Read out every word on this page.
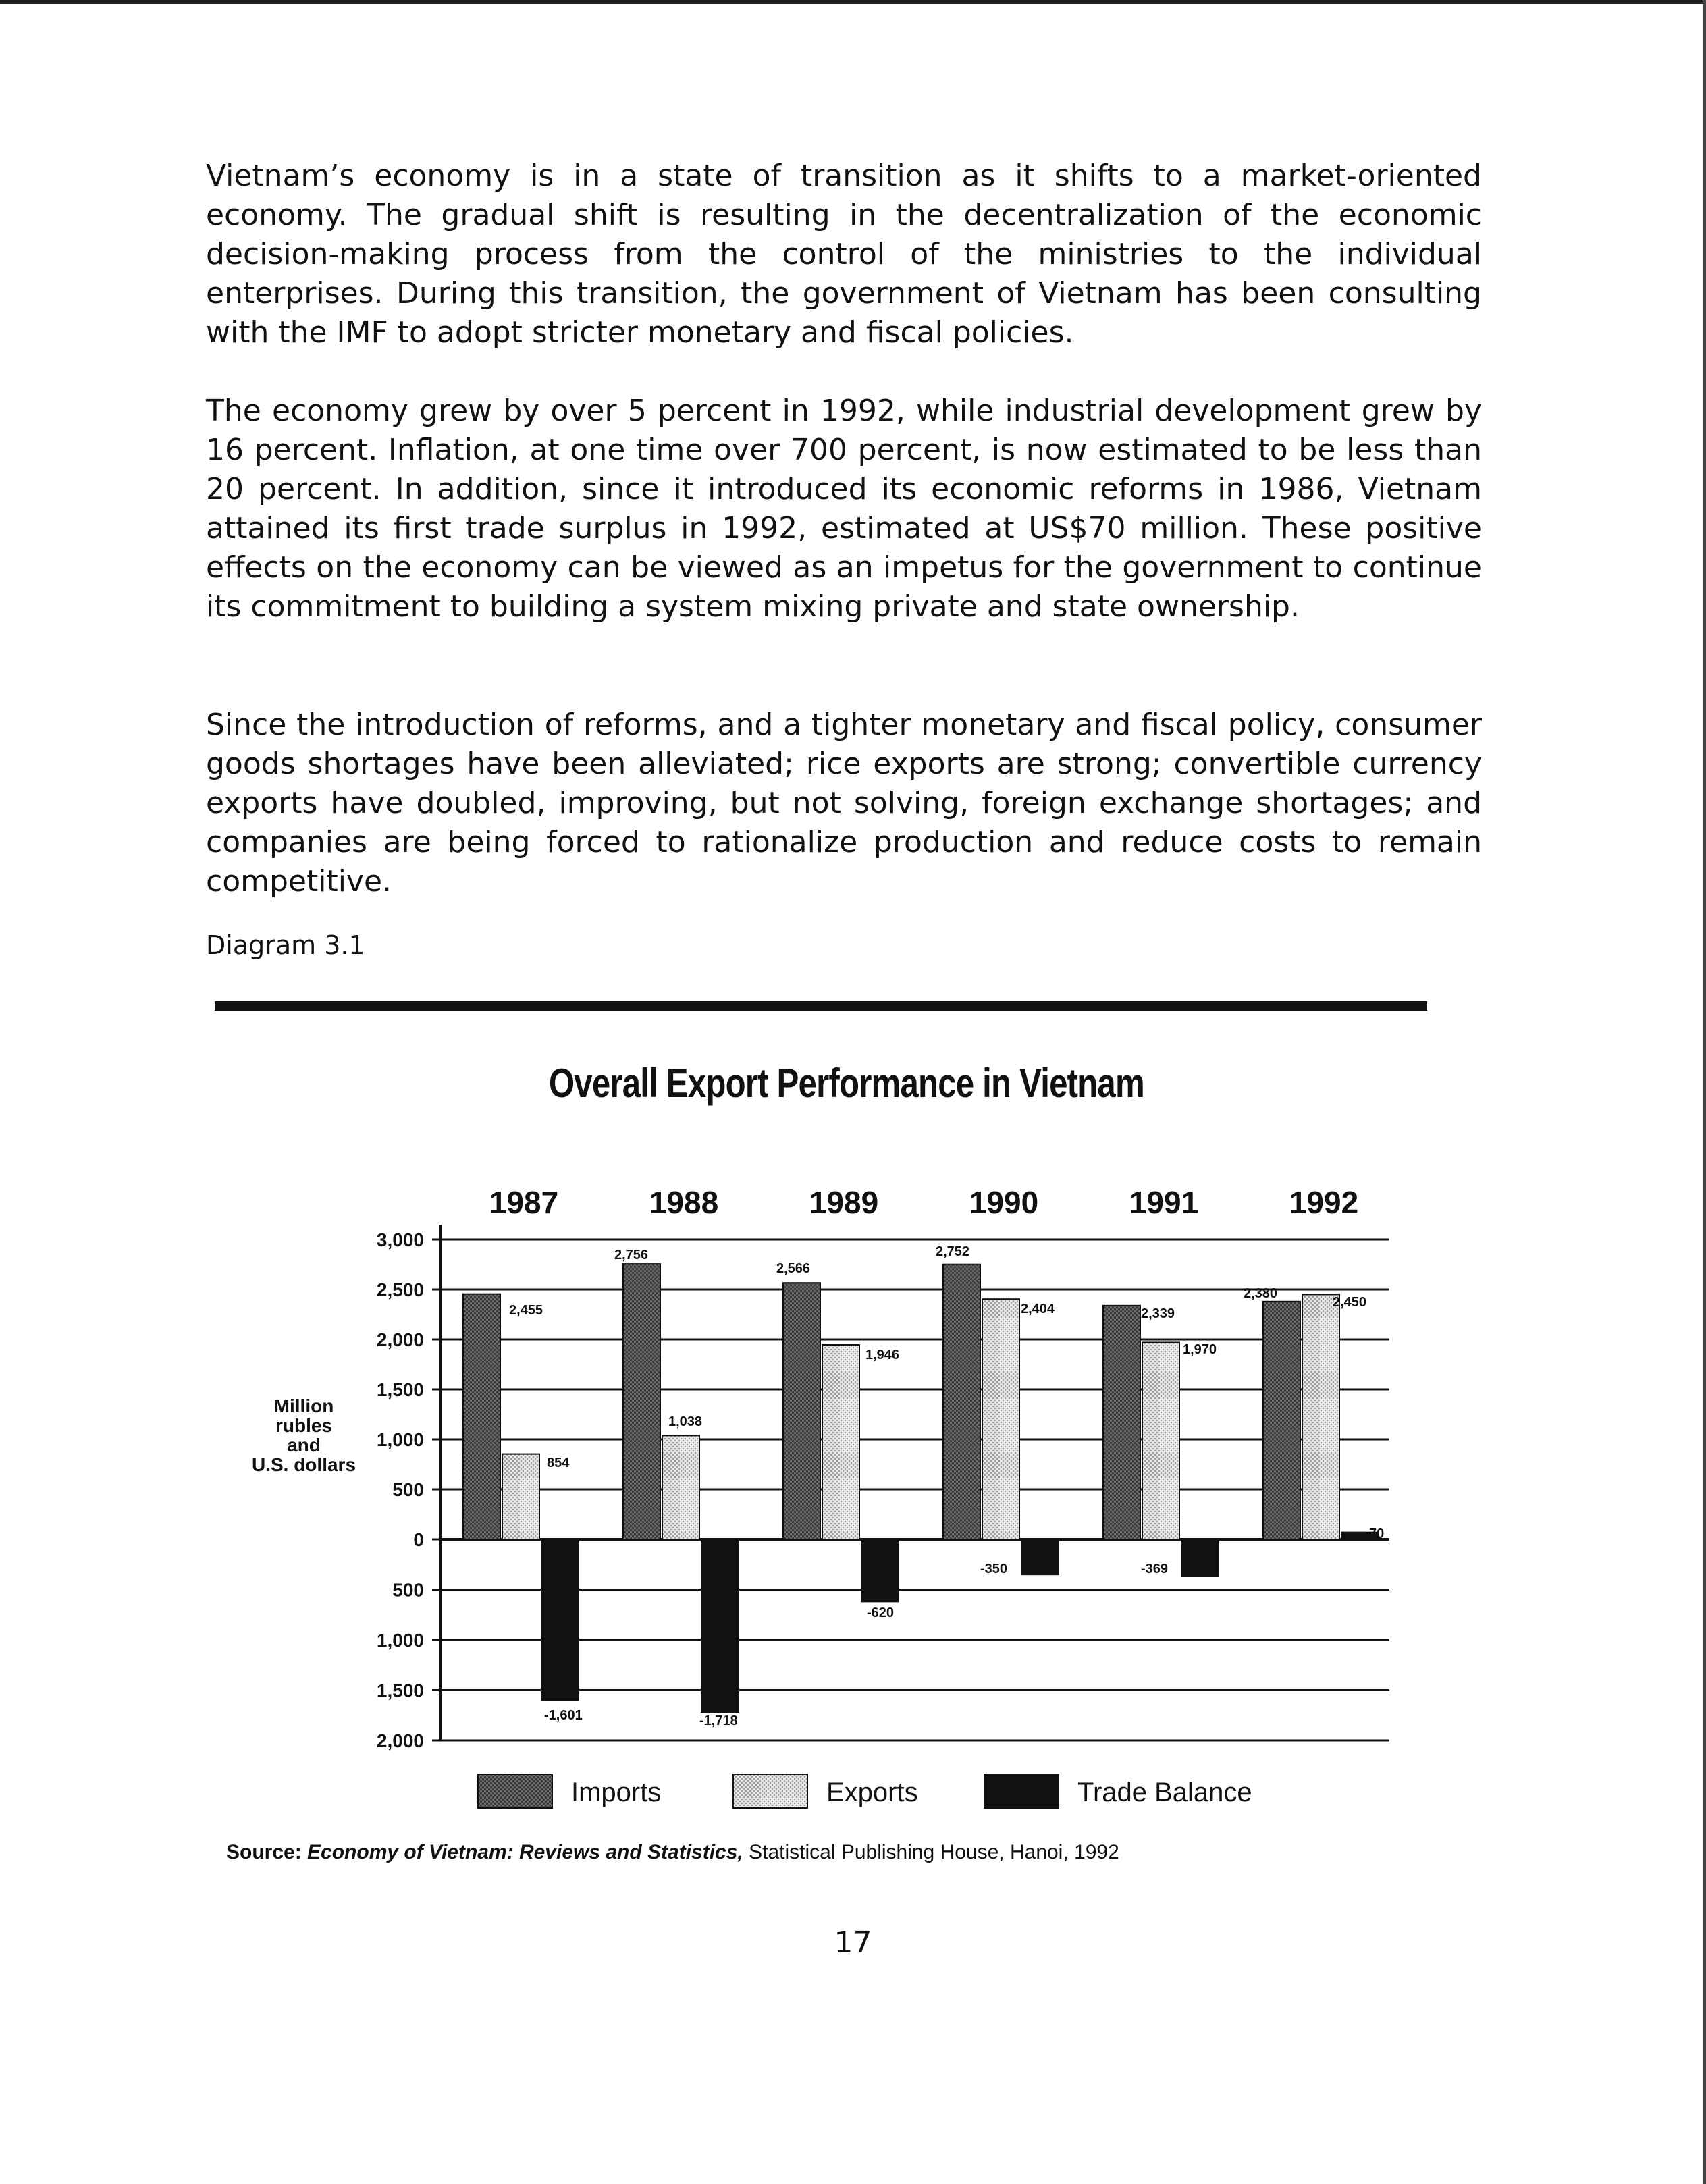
Vietnam’s economy is in a state of transition as it shifts to a market-oriented economy. The gradual shift is resulting in the decentralization of the economic decision-making process from the control of the ministries to the individual enterprises. During this transition, the government of Vietnam has been consulting with the IMF to adopt stricter monetary and fiscal policies.

The economy grew by over 5 percent in 1992, while industrial development grew by 16 percent. Inflation, at one time over 700 percent, is now estimated to be less than 20 percent. In addition, since it introduced its economic reforms in 1986, Vietnam attained its first trade surplus in 1992, estimated at US$70 million. These positive effects on the economy can be viewed as an impetus for the government to continue its commitment to building a system mixing private and state ownership.

Since the introduction of reforms, and a tighter monetary and fiscal policy, consumer goods shortages have been alleviated; rice exports are strong; convertible currency exports have doubled, improving, but not solving, foreign exchange shortages; and companies are being forced to rationalize production and reduce costs to remain competitive.

Diagram 3.1

Overall Export Performance in Vietnam

Million
rubles
and
U.S. dollars
3,000
2,500
2,000
1,500
1,000
500
0
500
1,000
1,500
2,000
1987	1988	1989	1990	1991	1992
2,455
854
-1,601
2,756
1,038
-1,718
2,566
1,946
-620
2,752
2,404
-350
2,339
1,970
-369
2,380
2,450
70
Imports	Exports	Trade Balance

Source: Economy of Vietnam: Reviews and Statistics, Statistical Publishing House, Hanoi, 1992

17
